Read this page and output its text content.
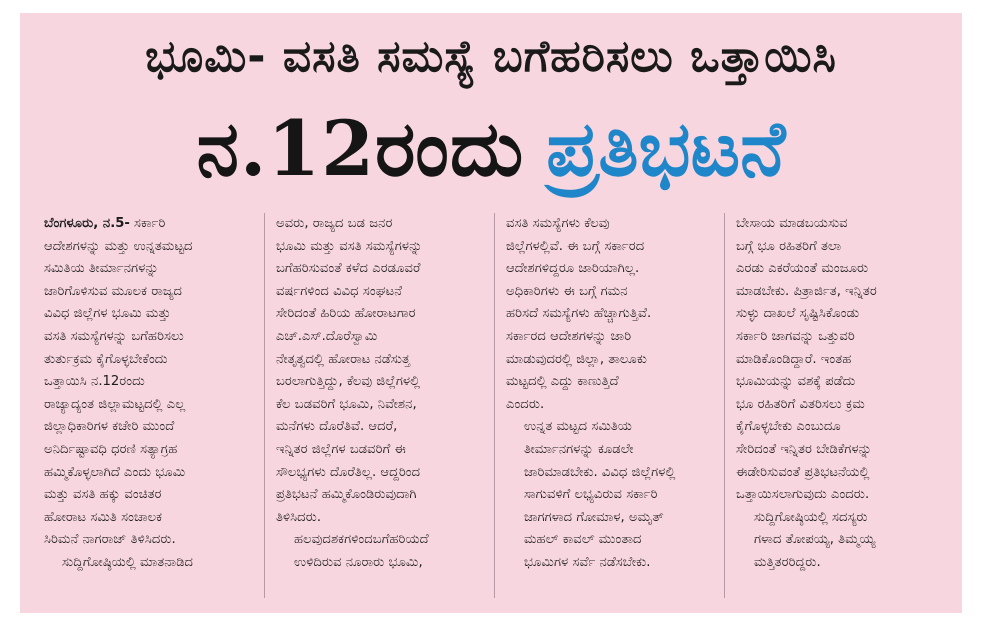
ಭೂಮಿ- ವಸತಿ ಸಮಸ್ಯೆ ಬಗೆಹರಿಸಲು ಒತ್ತಾಯಿಸಿ
ನ.12ರಂದು ಪ್ರತಿಭಟನೆ

ಬೆಂಗಳೂರು, ನ.5- ಸರ್ಕಾರಿ
ಆದೇಶಗಳನ್ನು ಮತ್ತು ಉನ್ನತಮಟ್ಟದ
ಸಮಿತಿಯ ತೀರ್ಮಾನಗಳನ್ನು
ಜಾರಿಗೊಳಿಸುವ ಮೂಲಕ ರಾಜ್ಯದ
ವಿವಿಧ ಜಿಲ್ಲೆಗಳ ಭೂಮಿ ಮತ್ತು
ವಸತಿ ಸಮಸ್ಯೆಗಳನ್ನು ಬಗೆಹರಿಸಲು
ತುರ್ತುಕ್ರಮ ಕೈಗೊಳ್ಳಬೇಕೆಂದು
ಒತ್ತಾಯಿಸಿ ನ.12ರಂದು
ರಾಜ್ಯಾದ್ಯಂತ ಜಿಲ್ಲಾಮಟ್ಟದಲ್ಲಿ ಎಲ್ಲ
ಜಿಲ್ಲಾಧಿಕಾರಿಗಳ ಕಚೇರಿ ಮುಂದೆ
ಅನಿರ್ದಿಷ್ಟಾವಧಿ ಧರಣಿ ಸತ್ಯಾಗ್ರಹ
ಹಮ್ಮಿಕೊಳ್ಳಲಾಗಿದೆ ಎಂದು ಭೂಮಿ
ಮತ್ತು ವಸತಿ ಹಕ್ಕು ವಂಚಿತರ
ಹೋರಾಟ ಸಮಿತಿ ಸಂಚಾಲಕ
ಸಿರಿಮನೆ ನಾಗರಾಜ್ ತಿಳಿಸಿದರು.

ಸುದ್ದಿಗೋಷ್ಠಿಯಲ್ಲಿ ಮಾತನಾಡಿದ

ಅವರು, ರಾಜ್ಯದ ಬಡ ಜನರ
ಭೂಮಿ ಮತ್ತು ವಸತಿ ಸಮಸ್ಯೆಗಳನ್ನು
ಬಗೆಹರಿಸುವಂತೆ ಕಳೆದ ಎರಡೂವರೆ
ವರ್ಷಗಳಿಂದ ವಿವಿಧ ಸಂಘಟನೆ
ಸೇರಿದಂತೆ ಹಿರಿಯ ಹೋರಾಟಗಾರ
ಎಚ್.ಎಸ್.ದೊರೆಸ್ವಾಮಿ
ನೇತೃತ್ವದಲ್ಲಿ ಹೋರಾಟ ನಡೆಸುತ್ತ
ಬರಲಾಗುತ್ತಿದ್ದು, ಕೆಲವು ಜಿಲ್ಲೆಗಳಲ್ಲಿ
ಕೆಲ ಬಡವರಿಗೆ ಭೂಮಿ, ನಿವೇಶನ,
ಮನೆಗಳು ದೊರೆತಿವೆ. ಆದರೆ,
ಇನ್ನಿತರ ಜಿಲ್ಲೆಗಳ ಬಡವರಿಗೆ ಈ
ಸೌಲಭ್ಯಗಳು ದೊರೆತಿಲ್ಲ. ಆದ್ದರಿಂದ
ಪ್ರತಿಭಟನೆ ಹಮ್ಮಿಕೊಂಡಿರುವುದಾಗಿ
ತಿಳಿಸಿದರು.

ಹಲವುದಶಕಗಳಿಂದಬಗೆಹರಿಯದೆ
ಉಳಿದಿರುವ ನೂರಾರು ಭೂಮಿ,

ವಸತಿ ಸಮಸ್ಯೆಗಳು ಕೆಲವು
ಜಿಲ್ಲೆಗಳಲ್ಲಿವೆ. ಈ ಬಗ್ಗೆ ಸರ್ಕಾರದ
ಆದೇಶಗಳಿದ್ದರೂ ಜಾರಿಯಾಗಿಲ್ಲ.
ಅಧಿಕಾರಿಗಳು ಈ ಬಗ್ಗೆ ಗಮನ
ಹರಿಸದೆ ಸಮಸ್ಯೆಗಳು ಹೆಚ್ಚಾಗುತ್ತಿವೆ.
ಸರ್ಕಾರದ ಆದೇಶಗಳನ್ನು ಜಾರಿ
ಮಾಡುವುದರಲ್ಲಿ ಜಿಲ್ಲಾ, ತಾಲೂಕು
ಮಟ್ಟದಲ್ಲಿ ಎದ್ದು ಕಾಣುತ್ತಿದೆ
ಎಂದರು.

ಉನ್ನತ ಮಟ್ಟದ ಸಮಿತಿಯ
ತೀರ್ಮಾನಗಳನ್ನು ಕೂಡಲೇ
ಜಾರಿಮಾಡಬೇಕು. ವಿವಿಧ ಜಿಲ್ಲೆಗಳಲ್ಲಿ
ಸಾಗುವಳಿಗೆ ಲಭ್ಯವಿರುವ ಸರ್ಕಾರಿ
ಜಾಗಗಳಾದ ಗೋಮಾಳ, ಅಮೃತ್
ಮಹಲ್ ಕಾವಲ್ ಮುಂತಾದ
ಭೂಮಿಗಳ ಸರ್ವೆ ನಡೆಸಬೇಕು.

ಬೇಸಾಯ ಮಾಡಬಯಸುವ
ಬಗ್ಗೆ ಭೂ ರಹಿತರಿಗೆ ತಲಾ
ಎರಡು ಎಕರೆಯಂತೆ ಮಂಜೂರು
ಮಾಡಬೇಕು. ಪಿತ್ರಾರ್ಜಿತ, ಇನ್ನಿತರ
ಸುಳ್ಳು ದಾಖಲೆ ಸೃಷ್ಟಿಸಿಕೊಂಡು
ಸರ್ಕಾರಿ ಜಾಗವನ್ನು ಒತ್ತುವರಿ
ಮಾಡಿಕೊಂಡಿದ್ದಾರೆ. ಇಂತಹ
ಭೂಮಿಯನ್ನು ವಶಕ್ಕೆ ಪಡೆದು
ಭೂ ರಹಿತರಿಗೆ ವಿತರಿಸಲು ಕ್ರಮ
ಕೈಗೊಳ್ಳಬೇಕು ಎಂಬುದೂ
ಸೇರಿದಂತೆ ಇನ್ನಿತರ ಬೇಡಿಕೆಗಳನ್ನು
ಈಡೇರಿಸುವಂತೆ ಪ್ರತಿಭಟನೆಯಲ್ಲಿ
ಒತ್ತಾಯಿಸಲಾಗುವುದು ಎಂದರು.

ಸುದ್ದಿಗೋಷ್ಠಿಯಲ್ಲಿ ಸದಸ್ಯರು
ಗಳಾದ ತೋಪಯ್ಯ, ತಿಮ್ಮಯ್ಯ
ಮತ್ತಿತರರಿದ್ದರು.
